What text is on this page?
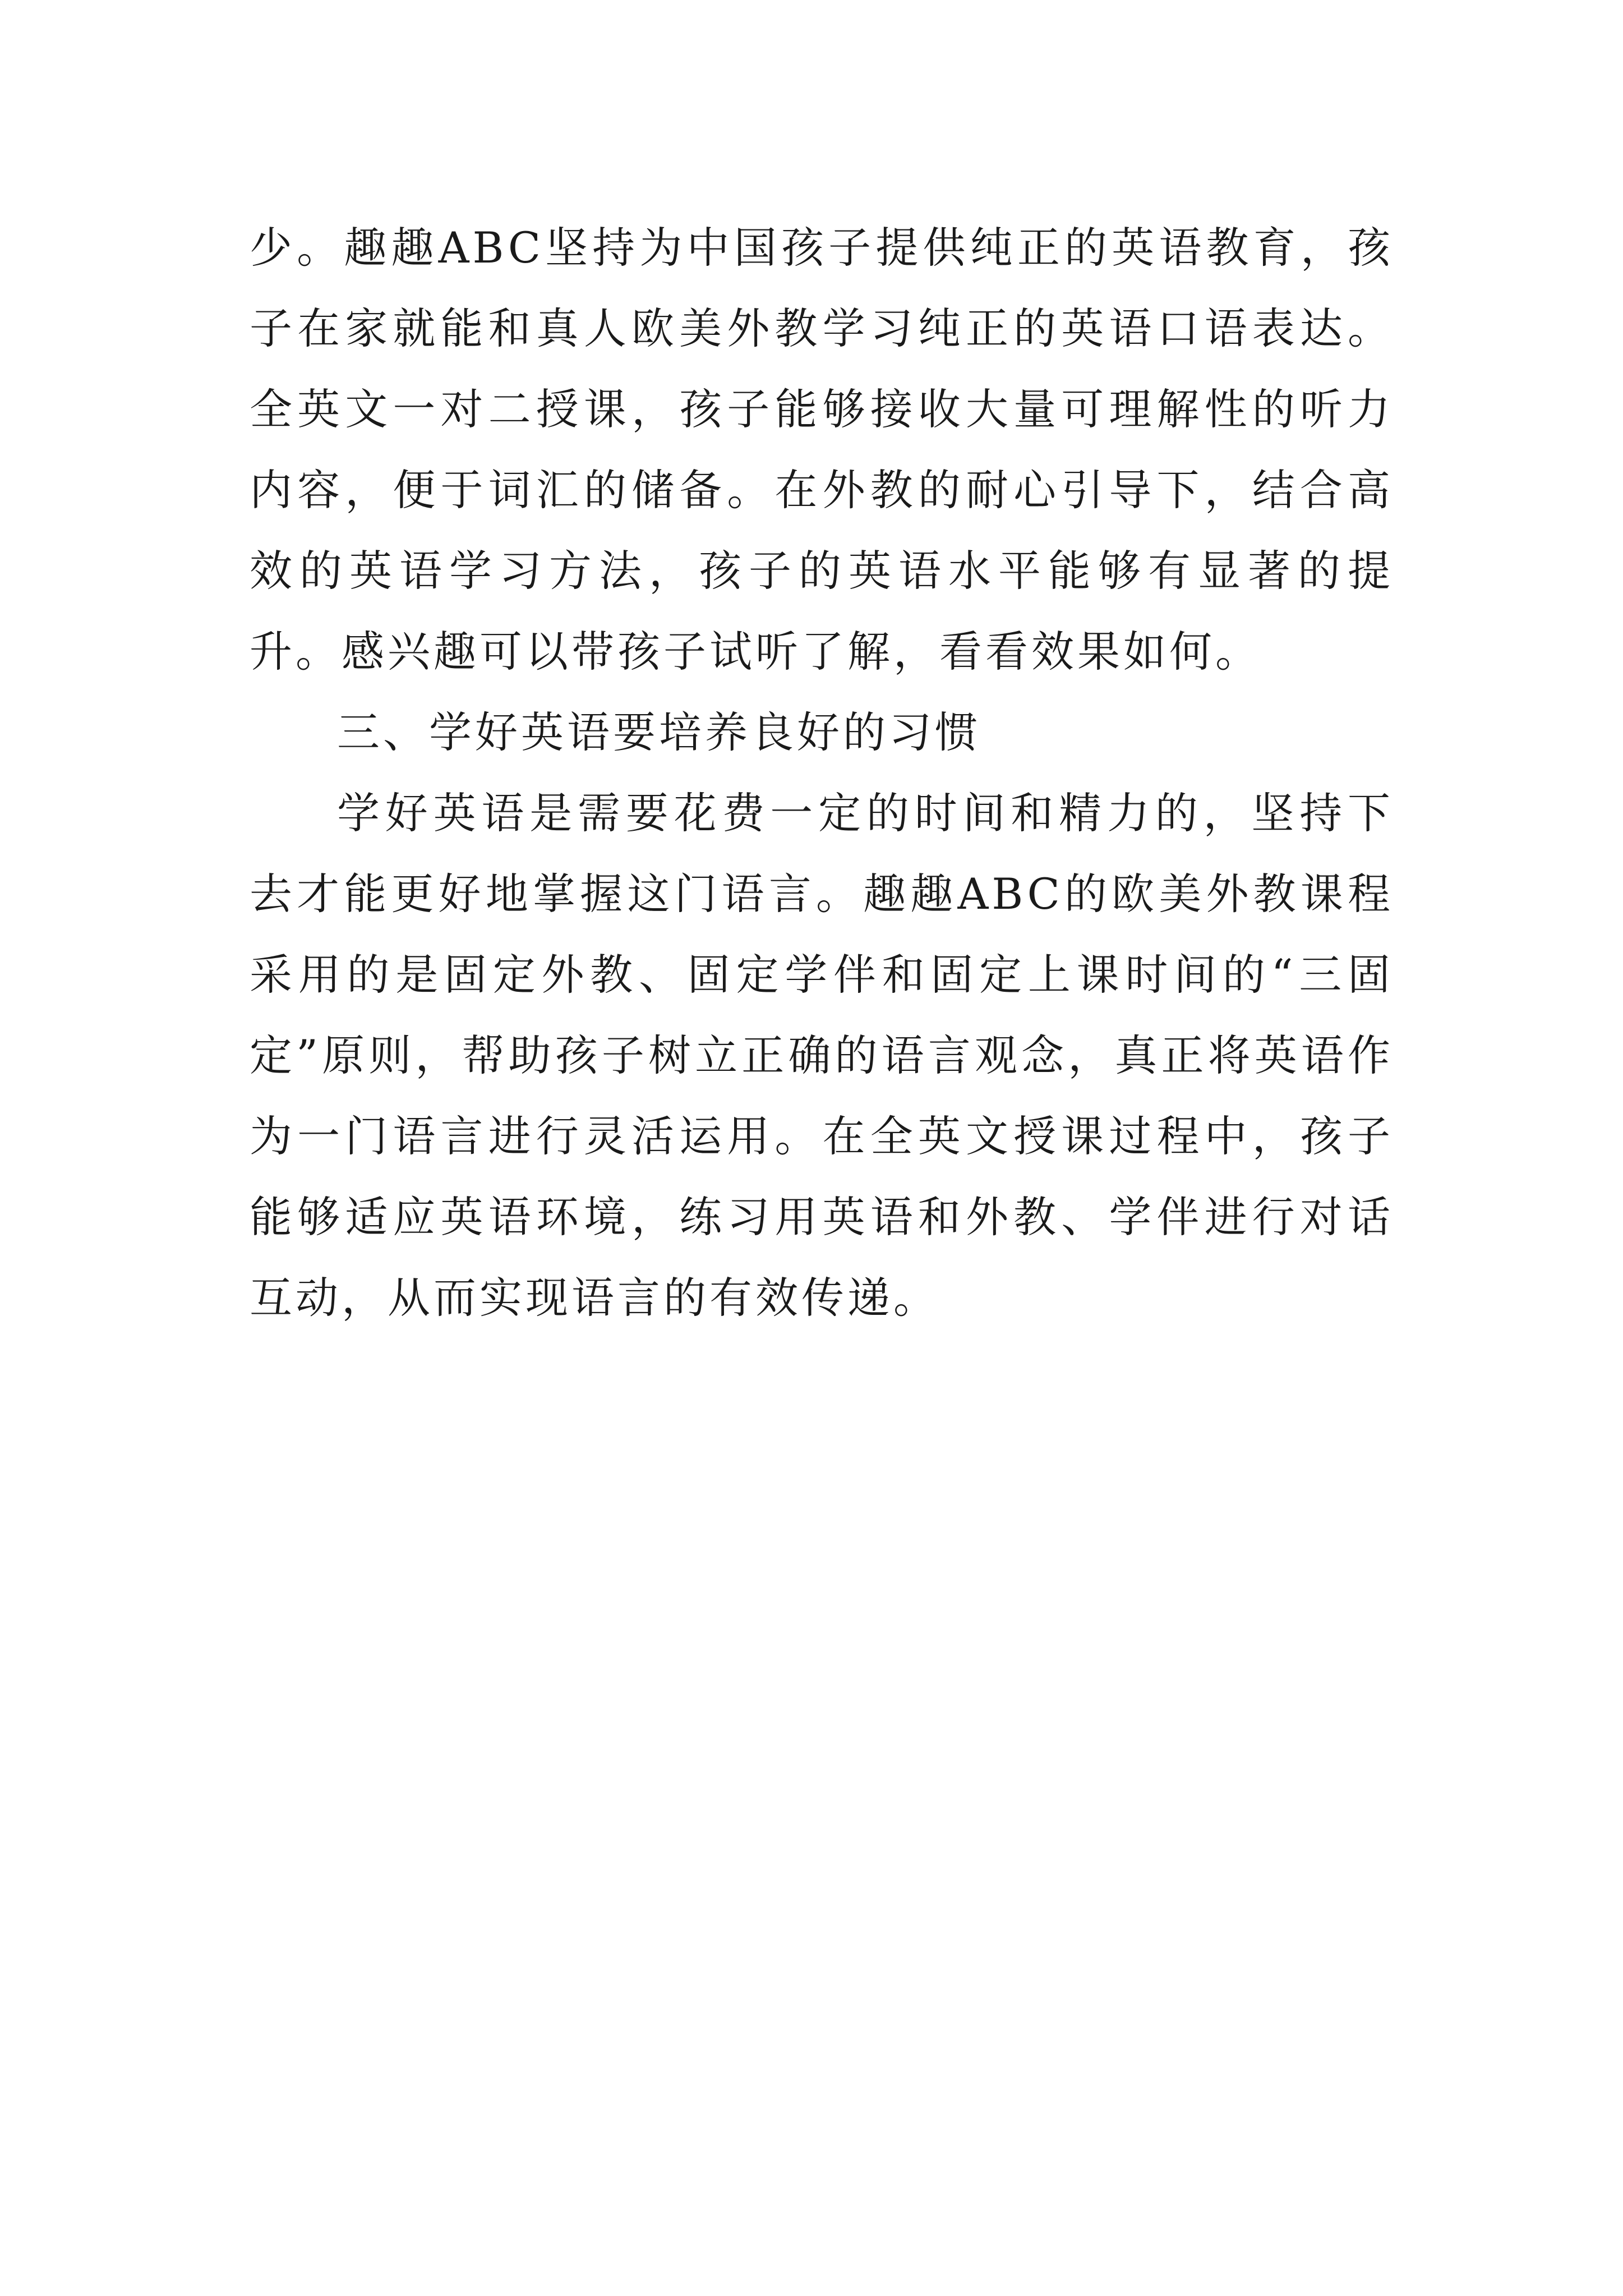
少。趣趣ABC坚持为中国孩子提供纯正的英语教育，孩子在家就能和真人欧美外教学习纯正的英语口语表达。全英文一对二授课，孩子能够接收大量可理解性的听力内容，便于词汇的储备。在外教的耐心引导下，结合高效的英语学习方法，孩子的英语水平能够有显著的提升。感兴趣可以带孩子试听了解，看看效果如何。

三、学好英语要培养良好的习惯

学好英语是需要花费一定的时间和精力的，坚持下去才能更好地掌握这门语言。趣趣ABC的欧美外教课程采用的是固定外教、固定学伴和固定上课时间的“三固定”原则，帮助孩子树立正确的语言观念，真正将英语作为一门语言进行灵活运用。在全英文授课过程中，孩子能够适应英语环境，练习用英语和外教、学伴进行对话互动，从而实现语言的有效传递。
